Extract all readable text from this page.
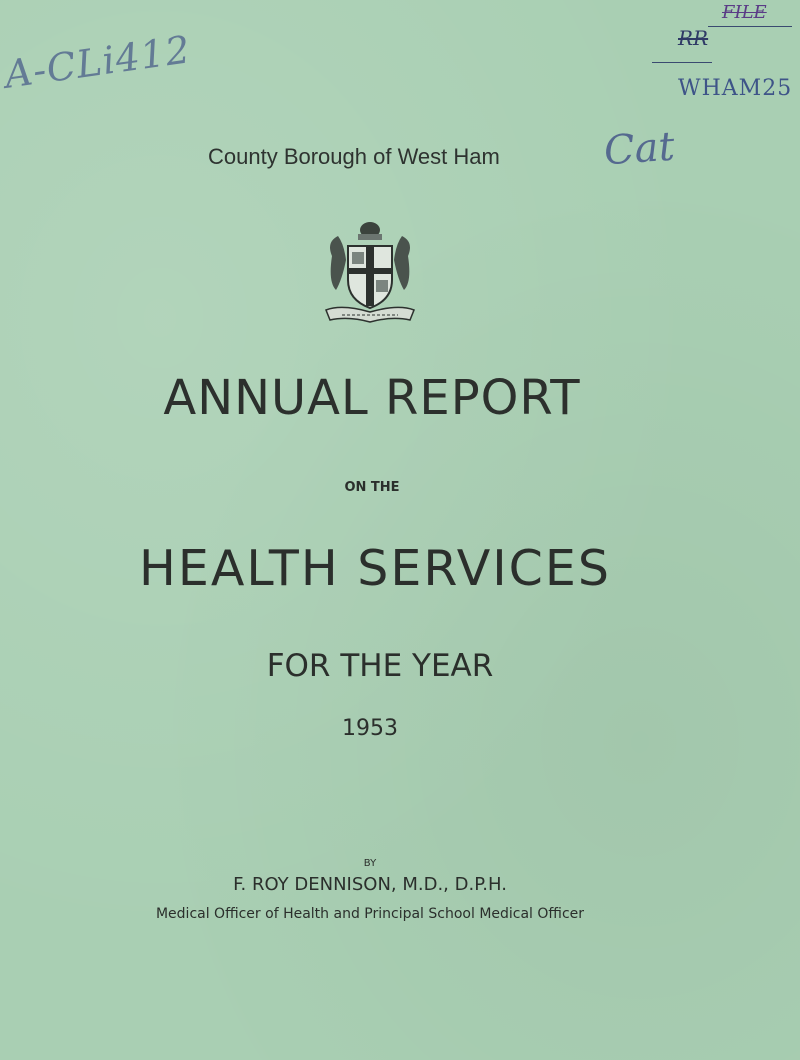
A-CLi412
FILE
RR
WHAM25
Cat
County Borough of West Ham
ANNUAL REPORT
ON THE
HEALTH SERVICES
FOR THE YEAR
1953
BY
F. ROY DENNISON, M.D., D.P.H.
Medical Officer of Health and Principal School Medical Officer
